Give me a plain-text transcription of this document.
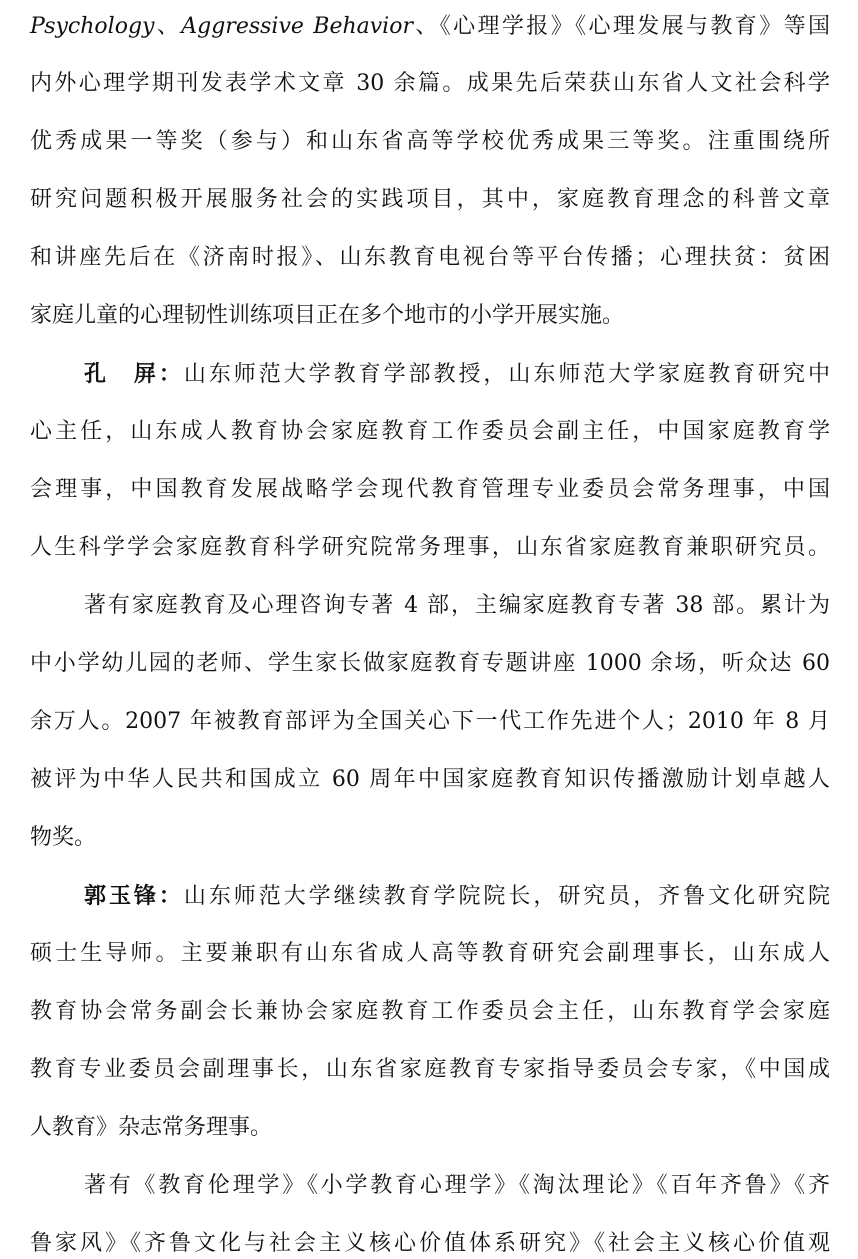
Psychology、Aggressive Behavior、《心理学报》《心理发展与教育》等国
内外心理学期刊发表学术文章 30 余篇。成果先后荣获山东省人文社会科学
优秀成果一等奖（参与）和山东省高等学校优秀成果三等奖。注重围绕所
研究问题积极开展服务社会的实践项目，其中，家庭教育理念的科普文章
和讲座先后在《济南时报》、山东教育电视台等平台传播；心理扶贫：贫困
家庭儿童的心理韧性训练项目正在多个地市的小学开展实施。
孔　屏：山东师范大学教育学部教授，山东师范大学家庭教育研究中
心主任，山东成人教育协会家庭教育工作委员会副主任，中国家庭教育学
会理事，中国教育发展战略学会现代教育管理专业委员会常务理事，中国
人生科学学会家庭教育科学研究院常务理事，山东省家庭教育兼职研究员。
著有家庭教育及心理咨询专著 4 部，主编家庭教育专著 38 部。累计为
中小学幼儿园的老师、学生家长做家庭教育专题讲座 1000 余场，听众达 60
余万人。2007 年被教育部评为全国关心下一代工作先进个人；2010 年 8 月
被评为中华人民共和国成立 60 周年中国家庭教育知识传播激励计划卓越人
物奖。
郭玉锋：山东师范大学继续教育学院院长，研究员，齐鲁文化研究院
硕士生导师。主要兼职有山东省成人高等教育研究会副理事长，山东成人
教育协会常务副会长兼协会家庭教育工作委员会主任，山东教育学会家庭
教育专业委员会副理事长，山东省家庭教育专家指导委员会专家，《中国成
人教育》杂志常务理事。
著有《教育伦理学》《小学教育心理学》《淘汰理论》《百年齐鲁》《齐
鲁家风》《齐鲁文化与社会主义核心价值体系研究》《社会主义核心价值观
